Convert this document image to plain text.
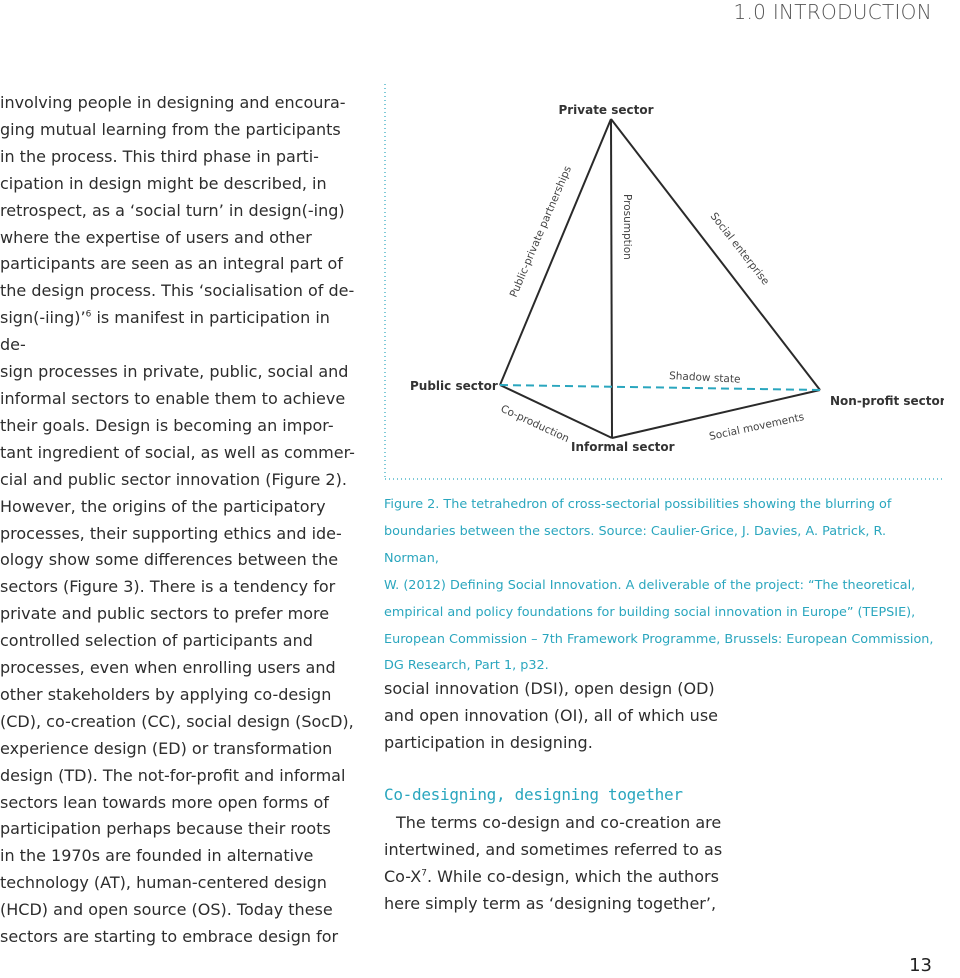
1.0 INTRODUCTION

involving people in designing and encoura-

ging mutual learning from the participants

in the process. This third phase in parti-

cipation in design might be described, in

retrospect, as a ‘social turn’ in design(-ing)

where the expertise of users and other

participants are seen as an integral part of

the design process. This ‘socialisation of de-

sign(-iing)’$^6$ is manifest in participation in de-

sign processes in private, public, social and

informal sectors to enable them to achieve

their goals. Design is becoming an impor-

tant ingredient of social, as well as commer-

cial and public sector innovation (Figure 2).

However, the origins of the participatory

processes, their supporting ethics and ide-

ology show some differences between the

sectors (Figure 3). There is a tendency for

private and public sectors to prefer more

controlled selection of participants and

processes, even when enrolling users and

other stakeholders by applying co-design

(CD), co-creation (CC), social design (SocD),

experience design (ED) or transformation

design (TD). The not-for-profit and informal

sectors lean towards more open forms of

participation perhaps because their roots

in the 1970s are founded in alternative

technology (AT), human-centered design

(HCD) and open source (OS). Today these

sectors are starting to embrace design for

Private sector
Public sector
Non-profit sector
Informal sector
Public-private partnerships	Prosumption	Social enterprise
Shadow state
Co-production	Social movements

Figure 2. The tetrahedron of cross-sectorial possibilities showing the blurring of

boundaries between the sectors. Source: Caulier-Grice, J. Davies, A. Patrick, R. Norman,

W. (2012) Defining Social Innovation. A deliverable of the project: “The theoretical,

empirical and policy foundations for building social innovation in Europe” (TEPSIE),

European Commission – 7th Framework Programme, Brussels: European Commission,

DG Research, Part 1, p32.

social innovation (DSI), open design (OD)

and open innovation (OI), all of which use

participation in designing.

Co-designing, designing together

The terms co-design and co-creation are

intertwined, and sometimes referred to as

$Co-X^7$. While co-design, which the authors

here simply term as ‘designing together’,

13
